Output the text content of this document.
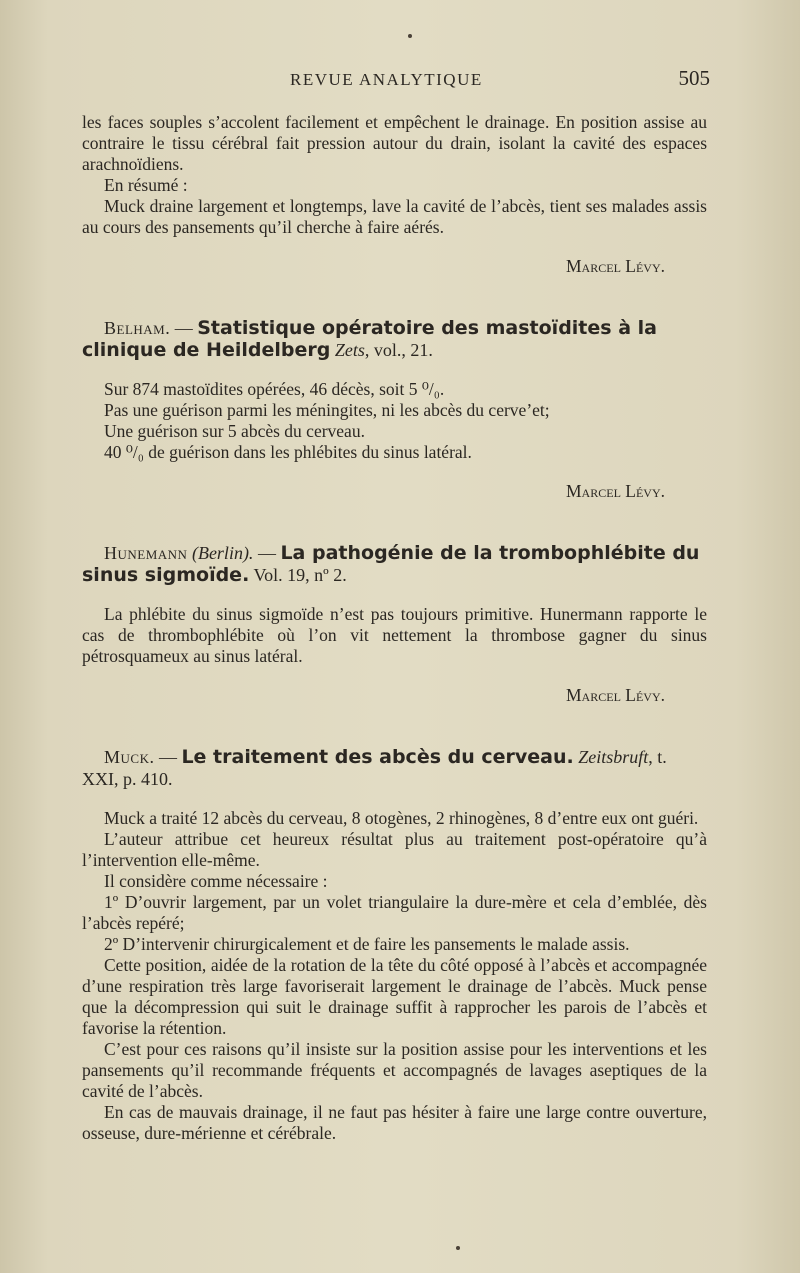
REVUE ANALYTIQUE	505

les faces souples s’accolent facilement et empêchent le drainage. En position assise au contraire le tissu cérébral fait pression autour du drain, isolant la cavité des espaces arachnoïdiens.

En résumé :

Muck draine largement et longtemps, lave la cavité de l’abcès, tient ses malades assis au cours des pansements qu’il cherche à faire aérés.

Marcel Lévy.

Belham. — Statistique opératoire des mastoïdites à la clinique de Heildelberg Zets, vol., 21.

Sur 874 mastoïdites opérées, 46 décès, soit 5 ⁰/₀.

Pas une guérison parmi les méningites, ni les abcès du cerve’et;

Une guérison sur 5 abcès du cerveau.

40 ⁰/₀ de guérison dans les phlébites du sinus latéral.

Marcel Lévy.

Hunemann (Berlin). — La pathogénie de la trombophlébite du sinus sigmoïde. Vol. 19, nº 2.

La phlébite du sinus sigmoïde n’est pas toujours primitive. Hunermann rapporte le cas de thrombophlébite où l’on vit nettement la thrombose gagner du sinus pétrosquameux au sinus latéral.

Marcel Lévy.

Muck. — Le traitement des abcès du cerveau. Zeitsbruft, t. XXI, p. 410.

Muck a traité 12 abcès du cerveau, 8 otogènes, 2 rhinogènes, 8 d’entre eux ont guéri.

L’auteur attribue cet heureux résultat plus au traitement post-opératoire qu’à l’intervention elle-même.

Il considère comme nécessaire :

1º D’ouvrir largement, par un volet triangulaire la dure-mère et cela d’emblée, dès l’abcès repéré;

2º D’intervenir chirurgicalement et de faire les pansements le malade assis.

Cette position, aidée de la rotation de la tête du côté opposé à l’abcès et accompagnée d’une respiration très large favoriserait largement le drainage de l’abcès. Muck pense que la décompression qui suit le drainage suffit à rapprocher les parois de l’abcès et favorise la rétention.

C’est pour ces raisons qu’il insiste sur la position assise pour les interventions et les pansements qu’il recommande fréquents et accompagnés de lavages aseptiques de la cavité de l’abcès.

En cas de mauvais drainage, il ne faut pas hésiter à faire une large contre ouverture, osseuse, dure-mérienne et cérébrale.
